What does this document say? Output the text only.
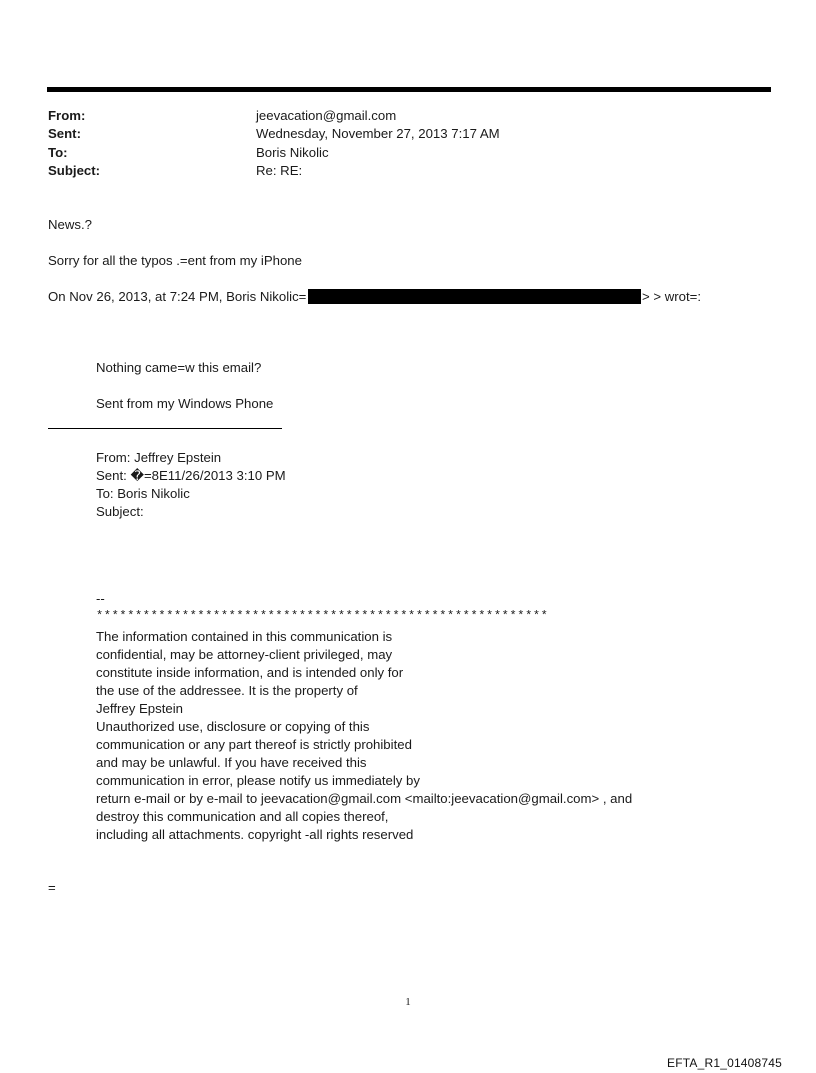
From:	jeevacation@gmail.com
Sent:	Wednesday, November 27, 2013 7:17 AM
To:	Boris Nikolic
Subject:	Re: RE:
News.?
Sorry for all the typos .=ent from my iPhone
On Nov 26, 2013, at 7:24 PM, Boris Nikolic=	> > wrot=:
Nothing came=w this email?
Sent from my Windows Phone
From: Jeffrey Epstein
Sent: �=8E11/26/2013 3:10 PM
To: Boris Nikolic
Subject:
--
**********************************************************
The information contained in this communication is
confidential, may be attorney-client privileged, may
constitute inside information, and is intended only for
the use of the addressee. It is the property of
Jeffrey Epstein
Unauthorized use, disclosure or copying of this
communication or any part thereof is strictly prohibited
and may be unlawful. If you have received this
communication in error, please notify us immediately by
return e-mail or by e-mail to jeevacation@gmail.com <mailto:jeevacation@gmail.com> , and
destroy this communication and all copies thereof,
including all attachments. copyright -all rights reserved
=
1
EFTA_R1_01408745
